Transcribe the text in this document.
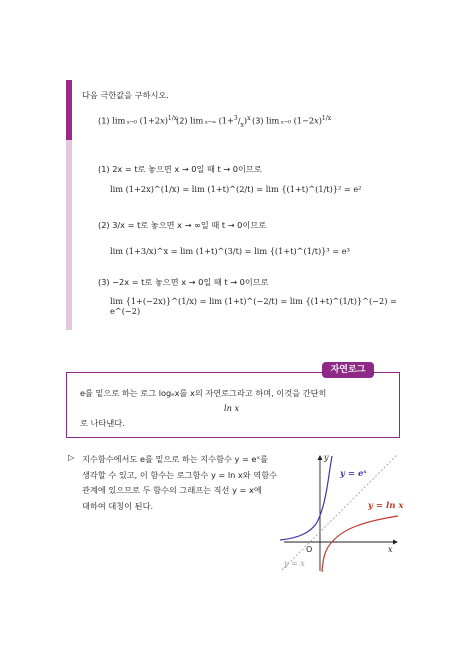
다음 극한값을 구하시오.
(1) lim x→0 $(1+2x)^{1/x}$
(2) lim x→∞ $(1+^3/_x)^x$ (3) lim x→0 $(1-2x)^{1/x}$
(1) 2x = t로 놓으면 x → 0일 때 t → 0이므로
lim (1+2x)^(1/x) = lim (1+t)^(2/t) = lim {(1+t)^(1/t)}² = e²
(2) 3/x = t로 놓으면 x → ∞일 때 t → 0이므로
lim (1+3/x)^x = lim (1+t)^(3/t) = lim {(1+t)^(1/t)}³ = e³
(3) −2x = t로 놓으면 x → 0일 때 t → 0이므로
lim {1+(−2x)}^(1/x) = lim (1+t)^(−2/t) = lim {(1+t)^(1/t)}^(−2) = e^(−2)
자연로그
e를 밑으로 하는 로그 logₑx를 x의 자연로그라고 하며, 이것을 간단히
ln x
로 나타낸다.
▷ 지수함수에서도 e를 밑으로 하는 지수함수 y = eˣ를
생각할 수 있고, 이 함수는 로그함수 y = ln x와 역함수
관계에 있으므로 두 함수의 그래프는 직선 y = x에
대하여 대칭이 된다.
O	x
y
y = eˣ
y = ln x
y = x
